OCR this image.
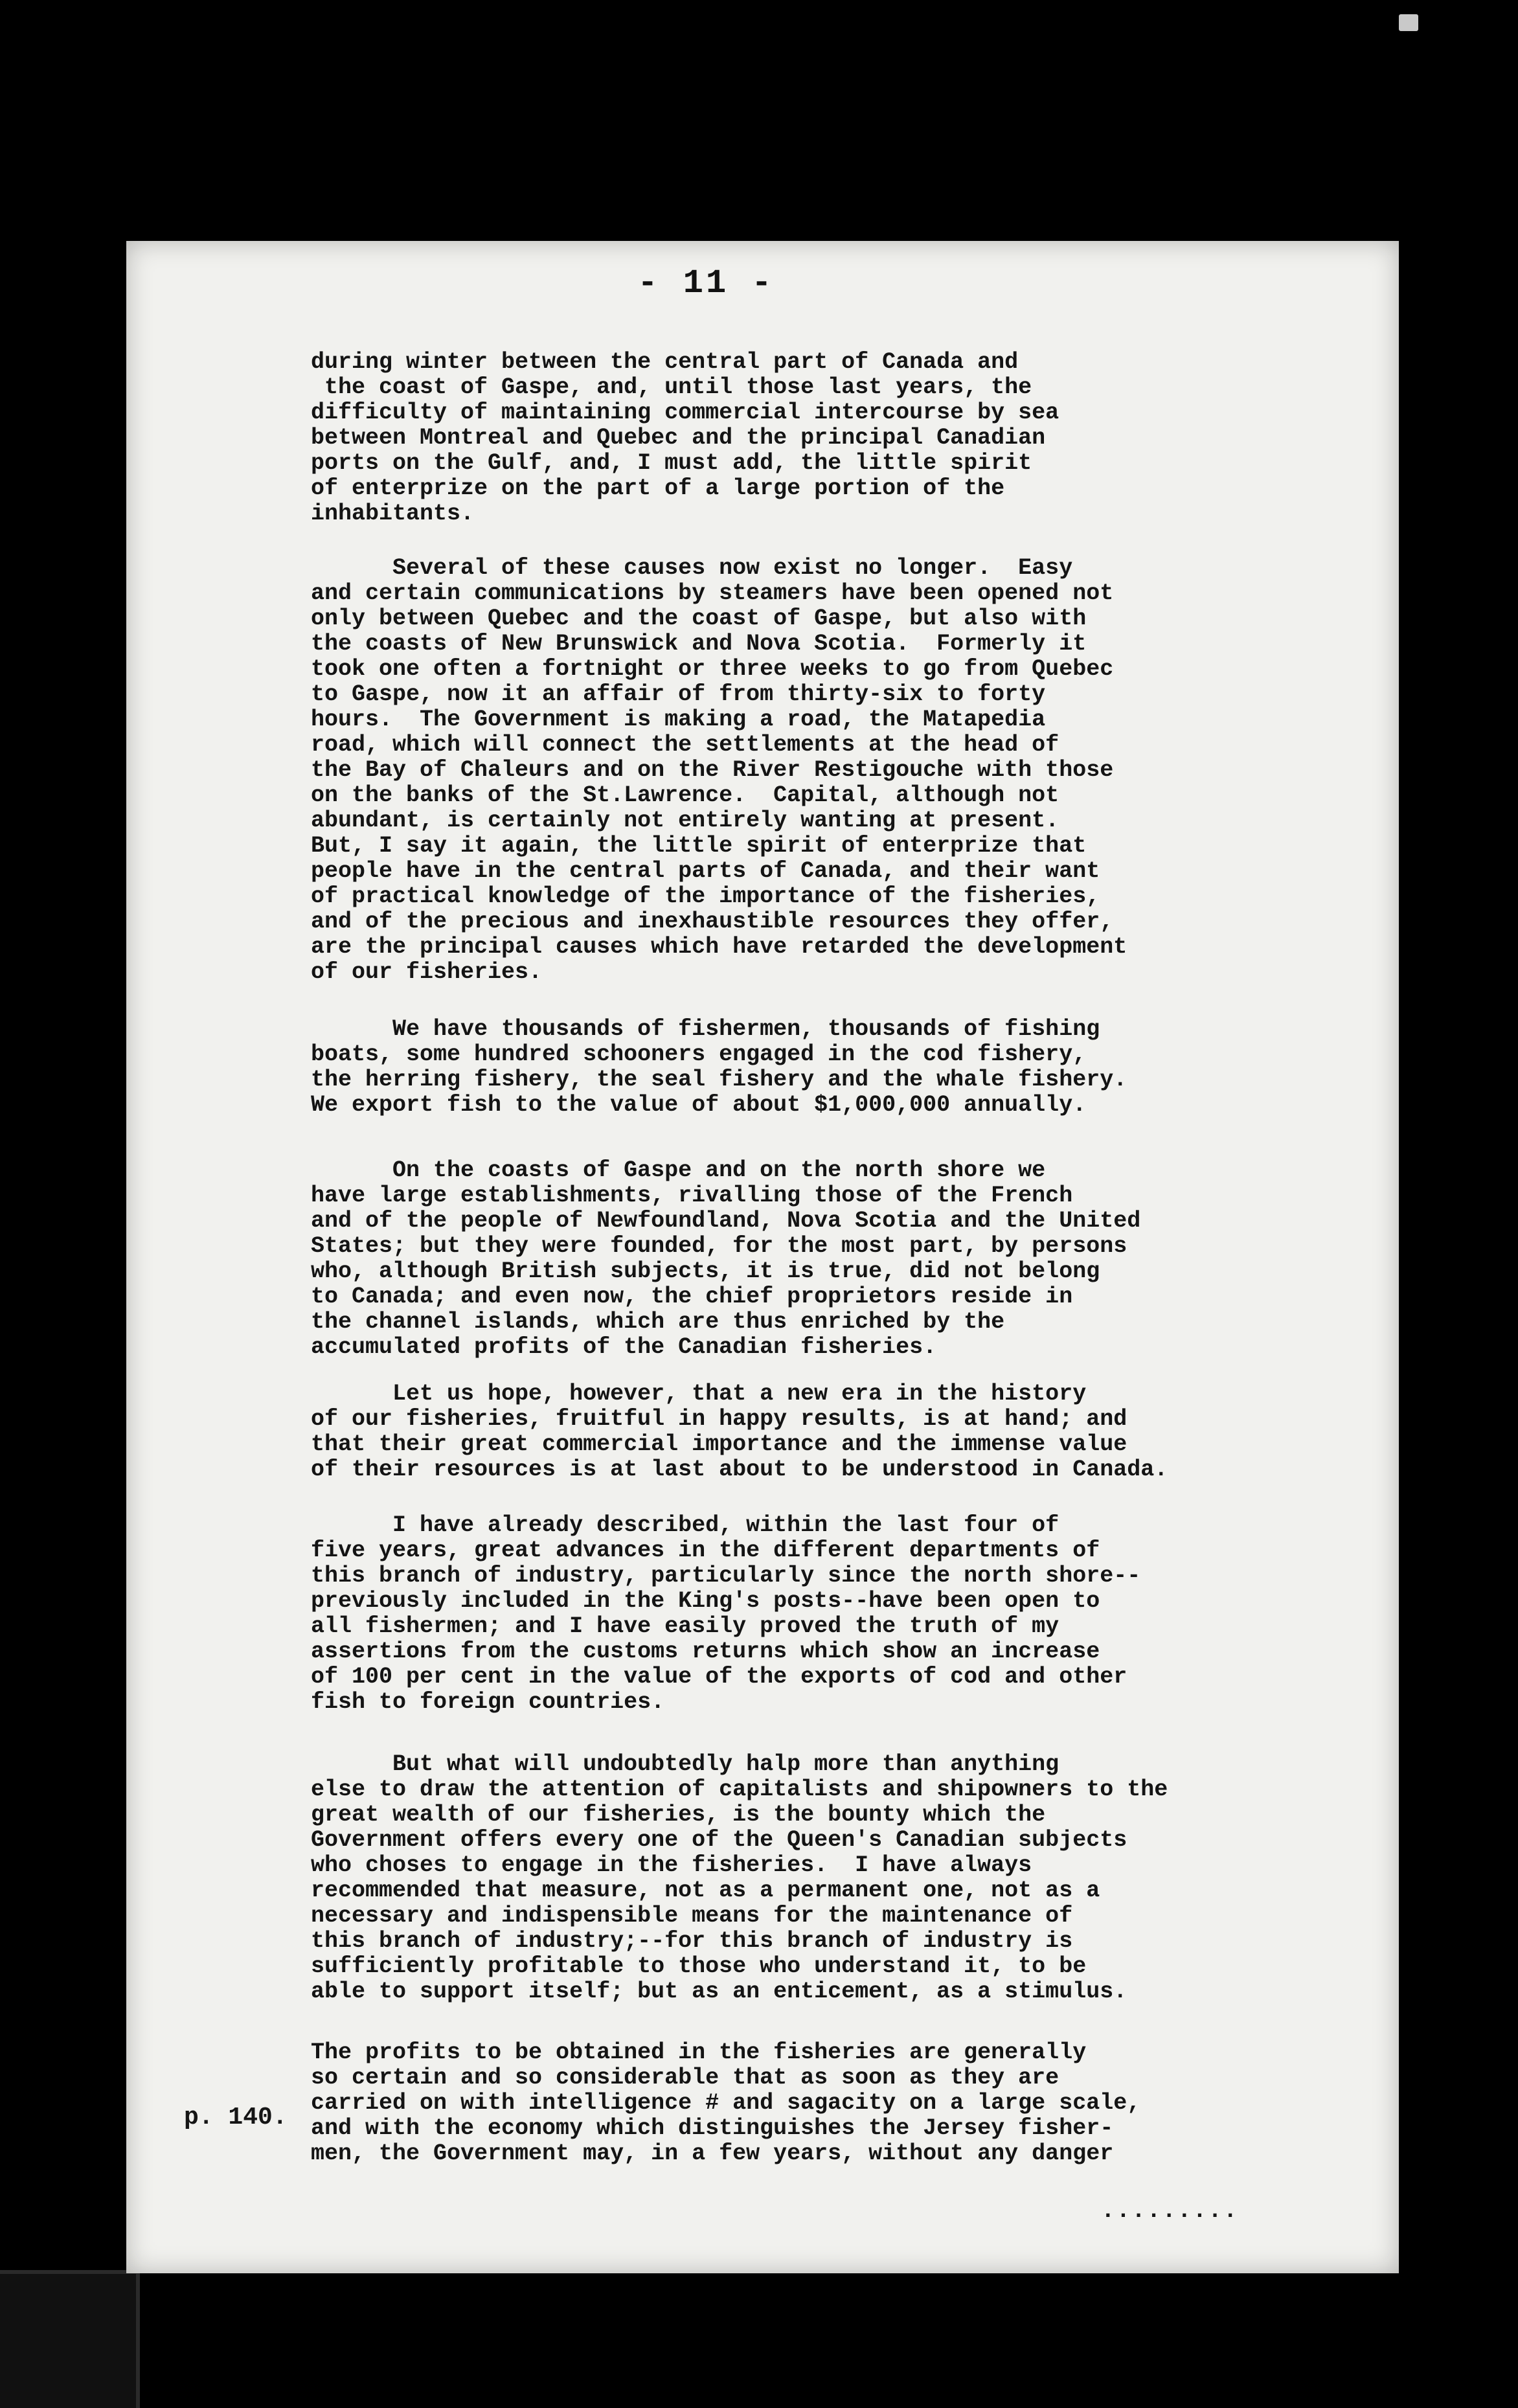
- 11 -
during winter between the central part of Canada and
the coast of Gaspe, and, until those last years, the
difficulty of maintaining commercial intercourse by sea
between Montreal and Quebec and the principal Canadian
ports on the Gulf, and, I must add, the little spirit
of enterprize on the part of a large portion of the
inhabitants.
Several of these causes now exist no longer.  Easy
and certain communications by steamers have been opened not
only between Quebec and the coast of Gaspe, but also with
the coasts of New Brunswick and Nova Scotia.  Formerly it
took one often a fortnight or three weeks to go from Quebec
to Gaspe, now it an affair of from thirty-six to forty
hours.  The Government is making a road, the Matapedia
road, which will connect the settlements at the head of
the Bay of Chaleurs and on the River Restigouche with those
on the banks of the St.Lawrence.  Capital, although not
abundant, is certainly not entirely wanting at present.
But, I say it again, the little spirit of enterprize that
people have in the central parts of Canada, and their want
of practical knowledge of the importance of the fisheries,
and of the precious and inexhaustible resources they offer,
are the principal causes which have retarded the development
of our fisheries.
We have thousands of fishermen, thousands of fishing
boats, some hundred schooners engaged in the cod fishery,
the herring fishery, the seal fishery and the whale fishery.
We export fish to the value of about $1,000,000 annually.
On the coasts of Gaspe and on the north shore we
have large establishments, rivalling those of the French
and of the people of Newfoundland, Nova Scotia and the United
States; but they were founded, for the most part, by persons
who, although British subjects, it is true, did not belong
to Canada; and even now, the chief proprietors reside in
the channel islands, which are thus enriched by the
accumulated profits of the Canadian fisheries.
Let us hope, however, that a new era in the history
of our fisheries, fruitful in happy results, is at hand; and
that their great commercial importance and the immense value
of their resources is at last about to be understood in Canada.
I have already described, within the last four of
five years, great advances in the different departments of
this branch of industry, particularly since the north shore--
previously included in the King's posts--have been open to
all fishermen; and I have easily proved the truth of my
assertions from the customs returns which show an increase
of 100 per cent in the value of the exports of cod and other
fish to foreign countries.
But what will undoubtedly halp more than anything
else to draw the attention of capitalists and shipowners to the
great wealth of our fisheries, is the bounty which the
Government offers every one of the Queen's Canadian subjects
who choses to engage in the fisheries.  I have always
recommended that measure, not as a permanent one, not as a
necessary and indispensible means for the maintenance of
this branch of industry;--for this branch of industry is
sufficiently profitable to those who understand it, to be
able to support itself; but as an enticement, as a stimulus.
The profits to be obtained in the fisheries are generally
so certain and so considerable that as soon as they are
carried on with intelligence # and sagacity on a large scale,
and with the economy which distinguishes the Jersey fisher-
men, the Government may, in a few years, without any danger
p. 140.
.........
